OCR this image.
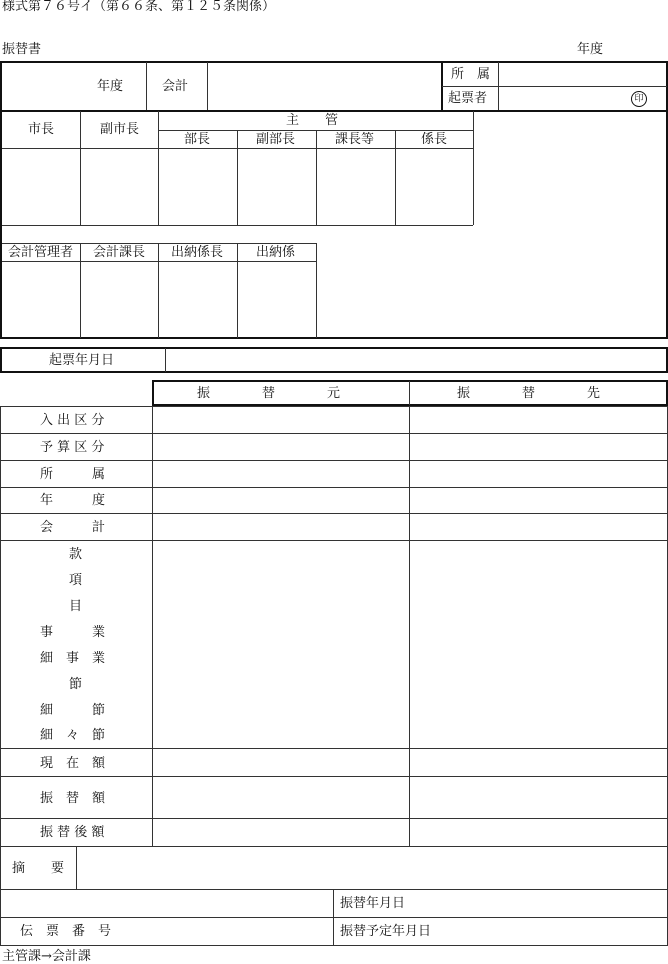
様式第７６号イ（第６６条、第１２５条関係）
振替書	年度
年度	会計
所　属
起票者	印
市長	副市長
主　　管
部長	副部長	課長等	係長
会計管理者 会計課長 出納係長	出納係
起票年月日
振　　　　替　　　　元	振　　　　替　　　　先
入 出 区 分
予 算 区 分
所　　　属
年　　　度
会　　　計
款
項
目
事　　　業
細　事　業
節
細　　　節
細　々　節
現　在　額
振　替　額
振 替 後 額
摘　　要
振替年月日
伝　票　番　号	振替予定年月日
主管課→会計課
